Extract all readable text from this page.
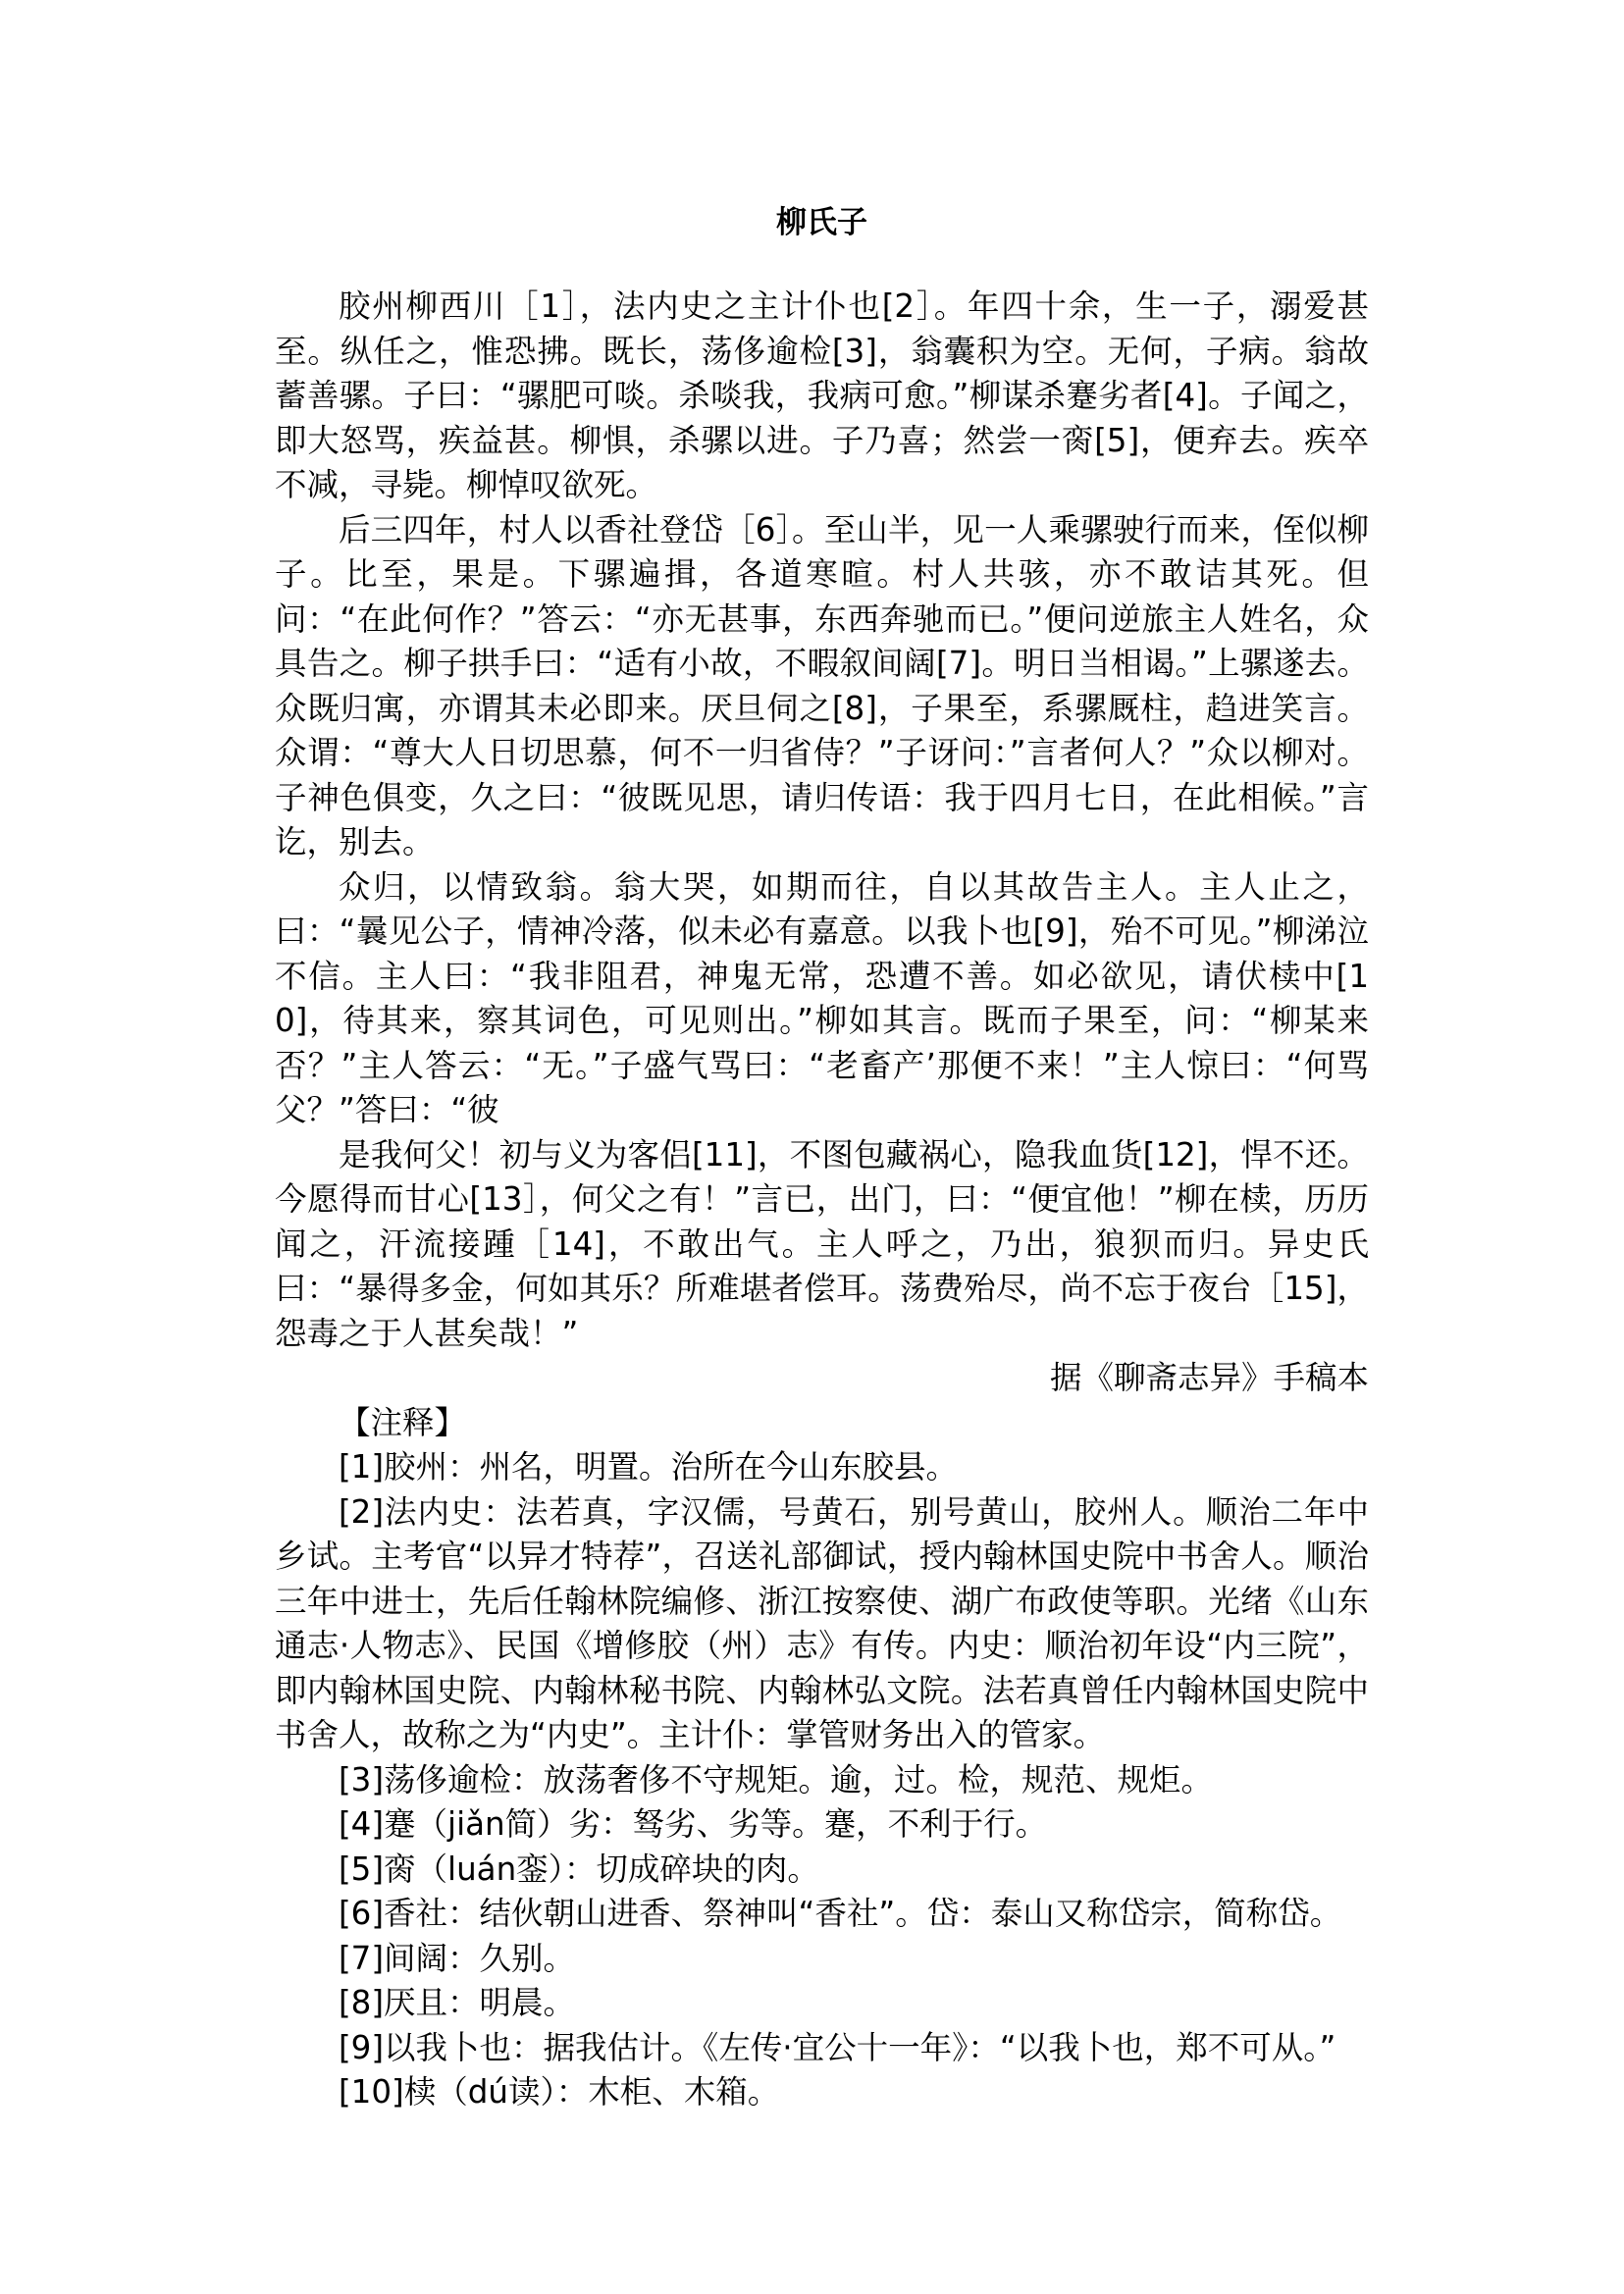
柳氏子

胶州柳西川［1］，法内史之主计仆也[2］。年四十余，生一子，溺爱甚至。纵任之，惟恐拂。既长，荡侈逾检[3]，翁囊积为空。无何，子病。翁故蓄善骡。子曰：“骡肥可啖。杀啖我，我病可愈。”柳谋杀蹇劣者[4]。子闻之，即大怒骂，疾益甚。柳惧，杀骡以进。子乃喜；然尝一脔[5]，便弃去。疾卒不减，寻毙。柳悼叹欲死。

后三四年，村人以香社登岱［6］。至山半，见一人乘骡驶行而来，侄似柳子。比至，果是。下骡遍揖，各道寒暄。村人共骇，亦不敢诘其死。但问：“在此何作？”答云：“亦无甚事，东西奔驰而已。”便问逆旅主人姓名，众具告之。柳子拱手曰：“适有小故，不暇叙间阔[7]。明日当相谒。”上骡遂去。众既归寓，亦谓其未必即来。厌旦伺之[8]，子果至，系骡厩柱，趋进笑言。众谓：“尊大人日切思慕，何不一归省侍？”子讶问：”言者何人？”众以柳对。子神色俱变，久之曰：“彼既见思，请归传语：我于四月七日，在此相候。”言讫，别去。

众归，以情致翁。翁大哭，如期而往，自以其故告主人。主人止之，曰：“曩见公子，情神冷落，似未必有嘉意。以我卜也[9]，殆不可见。”柳涕泣不信。主人曰：“我非阻君，神鬼无常，恐遭不善。如必欲见，请伏椟中[10]，待其来，察其词色，可见则出。”柳如其言。既而子果至，问：“柳某来否？”主人答云：“无。”子盛气骂曰：“老畜产’那便不来！”主人惊曰：“何骂父？”答曰：“彼

是我何父！初与义为客侣[11]，不图包藏祸心，隐我血货[12]，悍不还。今愿得而甘心[13］，何父之有！”言已，出门，曰：“便宜他！”柳在椟，历历闻之，汗流接踵［14]，不敢出气。主人呼之，乃出，狼狈而归。异史氏曰：“暴得多金，何如其乐？所难堪者偿耳。荡费殆尽，尚不忘于夜台［15]，怨毒之于人甚矣哉！”

据《聊斋志异》手稿本

【注释】

[1]胶州：州名，明置。治所在今山东胶县。

[2]法内史：法若真，字汉儒，号黄石，别号黄山，胶州人。顺治二年中乡试。主考官“以异才特荐”，召送礼部御试，授内翰林国史院中书舍人。顺治三年中进士，先后任翰林院编修、浙江按察使、湖广布政使等职。光绪《山东通志·人物志》、民国《增修胶（州）志》有传。内史：顺治初年设“内三院”，即内翰林国史院、内翰林秘书院、内翰林弘文院。法若真曾任内翰林国史院中书舍人，故称之为“内史”。主计仆：掌管财务出入的管家。

[3]荡侈逾检：放荡奢侈不守规矩。逾，过。检，规范、规炬。

[4]蹇（jiǎn简）劣：驽劣、劣等。蹇，不利于行。

[5]脔（luán銮）：切成碎块的肉。

[6]香社：结伙朝山进香、祭神叫“香社”。岱：泰山又称岱宗，简称岱。

[7]间阔：久别。

[8]厌且：明晨。

[9]以我卜也：据我估计。《左传·宜公十一年》：“以我卜也，郑不可从。”

[10]椟（dú读）：木柜、木箱。
